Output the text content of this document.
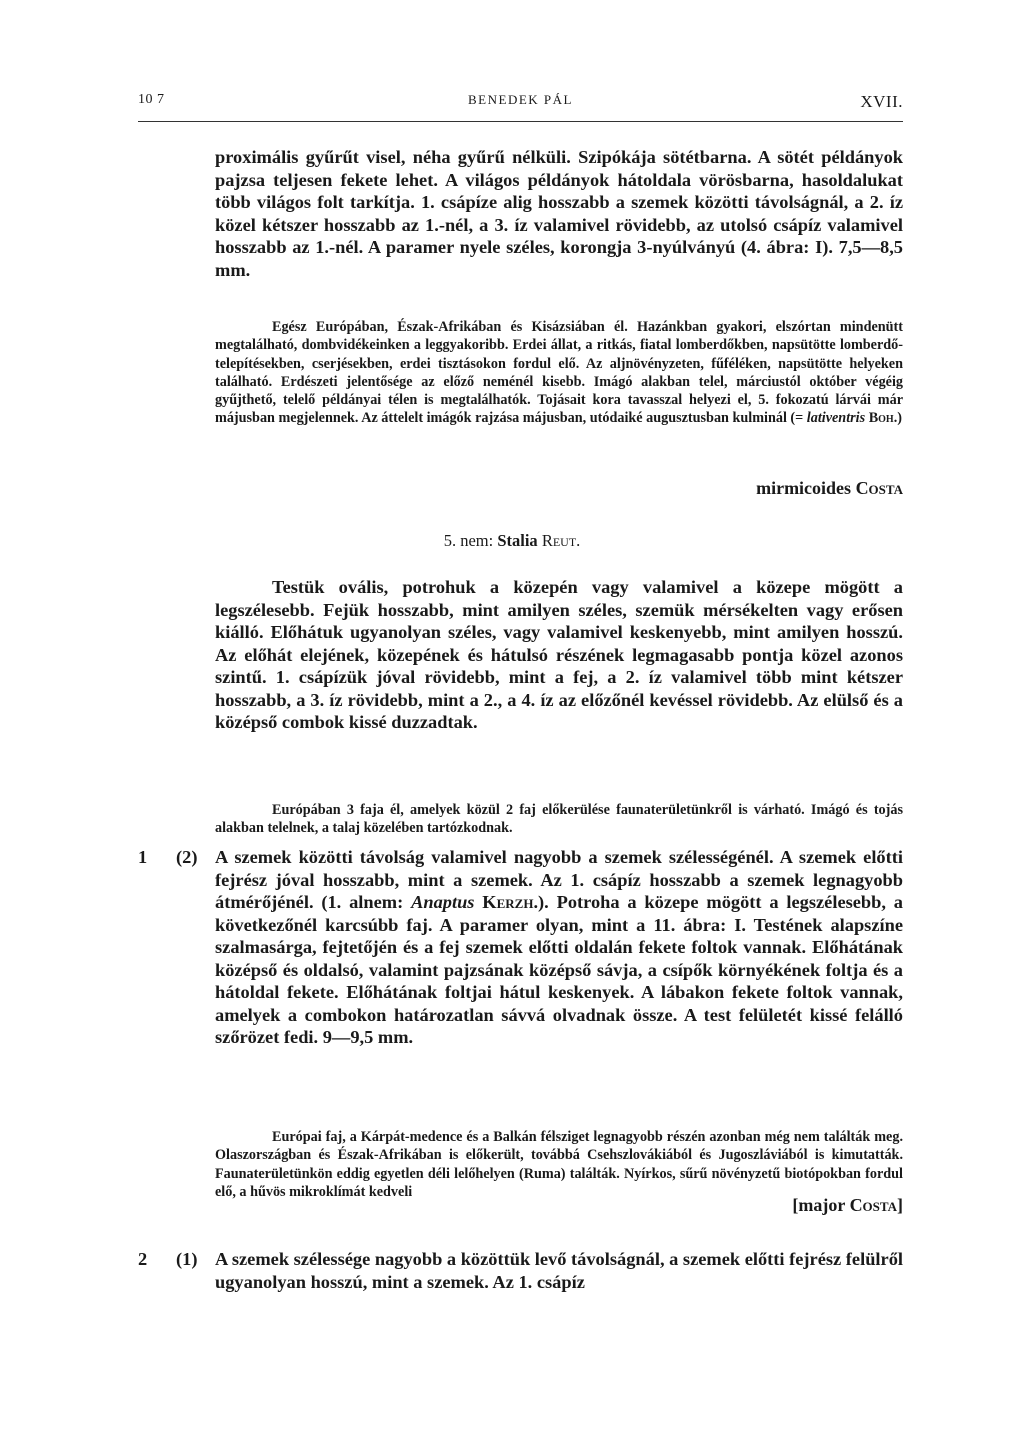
10 7	BENEDEK PÁL	XVII.

proximális gyűrűt visel, néha gyűrű nélküli. Szipókája sötétbarna. A sötét példányok pajzsa teljesen fekete lehet. A világos példányok hátoldala vörösbarna, hasoldalukat több világos folt tarkítja. 1. csápíze alig hosszabb a szemek közötti távolságnál, a 2. íz közel kétszer hosszabb az 1.-nél, a 3. íz valamivel rövidebb, az utolsó csápíz valamivel hosszabb az 1.-nél. A paramer nyele széles, korongja 3-nyúlványú (4. ábra: I). 7,5—8,5 mm.

Egész Európában, Észak-Afrikában és Kisázsiában él. Hazánkban gyakori, elszórtan mindenütt megtalálható, dombvidékeinken a leggyakoribb. Erdei állat, a ritkás, fiatal lomberdőkben, napsütötte lomberdő-telepítésekben, cserjésekben, erdei tisztásokon fordul elő. Az aljnövényzeten, fűféléken, napsütötte helyeken található. Erdészeti jelentősége az előző neménél kisebb. Imágó alakban telel, márciustól október végéig gyűjthető, telelő példányai télen is megtalálhatók. Tojásait kora tavasszal helyezi el, 5. fokozatú lárvái már májusban megjelennek. Az áttelelt imágók rajzása májusban, utódaiké augusztusban kulminál (= lativentris Boh.)

mirmicoides Costa
5. nem: Stalia Reut.

Testük ovális, potrohuk a közepén vagy valamivel a közepe mögött a legszélesebb. Fejük hosszabb, mint amilyen széles, szemük mérsékelten vagy erősen kiálló. Előhátuk ugyanolyan széles, vagy valamivel keskenyebb, mint amilyen hosszú. Az előhát elejének, közepének és hátulsó részének legmagasabb pontja közel azonos szintű. 1. csápízük jóval rövidebb, mint a fej, a 2. íz valamivel több mint kétszer hosszabb, a 3. íz rövidebb, mint a 2., a 4. íz az előzőnél kevéssel rövidebb. Az elülső és a középső combok kissé duzzadtak.

Európában 3 faja él, amelyek közül 2 faj előkerülése faunaterületünkről is várható. Imágó és tojás alakban telelnek, a talaj közelében tartózkodnak.

1 (2) A szemek közötti távolság valamivel nagyobb a szemek szélességénél. A szemek előtti fejrész jóval hosszabb, mint a szemek. Az 1. csápíz hosszabb a szemek legnagyobb átmérőjénél. (1. alnem: Anaptus Kerzh.). Potroha a közepe mögött a legszélesebb, a következőnél karcsúbb faj. A paramer olyan, mint a 11. ábra: I. Testének alapszíne szalmasárga, fejtetőjén és a fej szemek előtti oldalán fekete foltok vannak. Előhátának középső és oldalsó, valamint pajzsának középső sávja, a csípők környékének foltja és a hátoldal fekete. Előhátának foltjai hátul keskenyek. A lábakon fekete foltok vannak, amelyek a combokon határozatlan sávvá olvadnak össze. A test felületét kissé felálló szőrözet fedi. 9—9,5 mm.

Európai faj, a Kárpát-medence és a Balkán félsziget legnagyobb részén azonban még nem találták meg. Olaszországban és Észak-Afrikában is előkerült, továbbá Csehszlovákiából és Jugoszláviából is kimutatták. Faunaterületünkön eddig egyetlen déli lelőhelyen (Ruma) találták. Nyírkos, sűrű növényzetű biotópokban fordul elő, a hűvös mikroklímát kedveli

[major Costa]
2 (1) A szemek szélessége nagyobb a közöttük levő távolságnál, a szemek előtti fejrész felülről ugyanolyan hosszú, mint a szemek. Az 1. csápíz
